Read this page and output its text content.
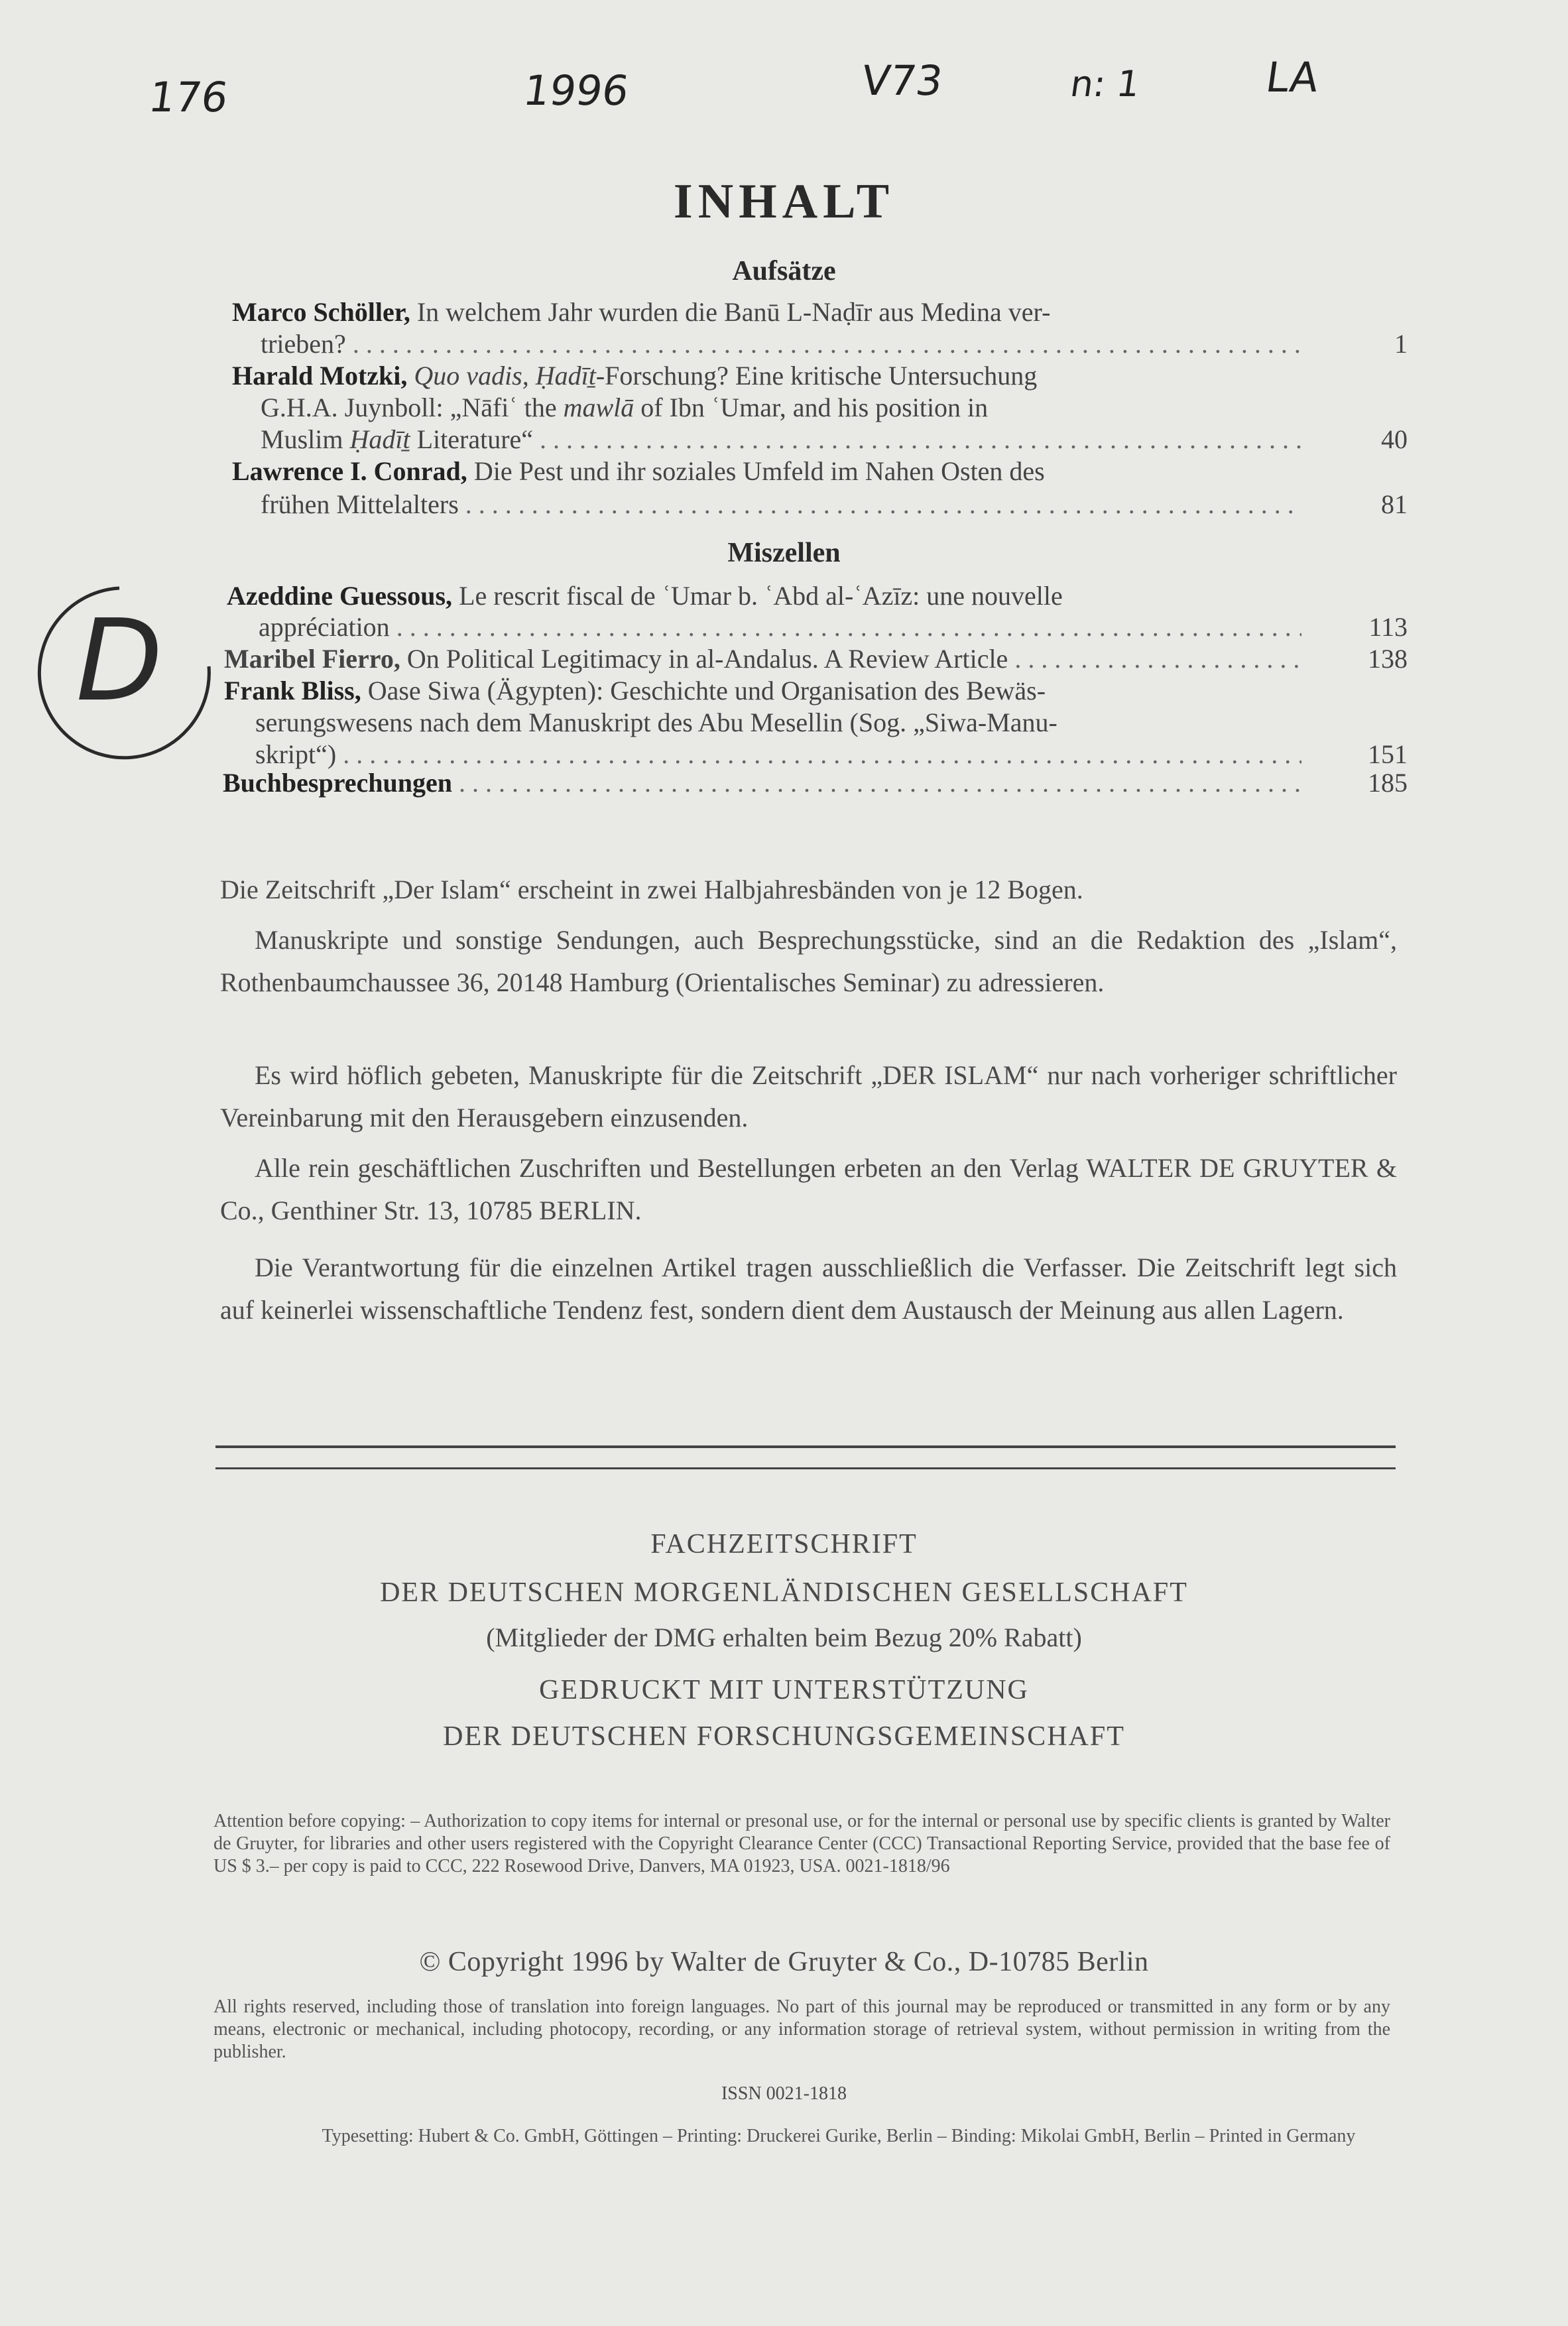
176	1996	V73	n: 1	LA
D
INHALT
Aufsätze
Marco Schöller, In welchem Jahr wurden die Banū L-Naḍīr aus Medina ver-
trieben? . . .	1
Harald Motzki, Quo vadis, Ḥadīṯ-Forschung? Eine kritische Untersuchung
G.H.A. Juynboll: „Nāfiʿ the mawlā of Ibn ʿUmar, and his position in
Muslim Ḥadīṯ Literature“ . . .	40
Lawrence I. Conrad, Die Pest und ihr soziales Umfeld im Nahen Osten des
frühen Mittelalters . . .	81
Miszellen
Azeddine Guessous, Le rescrit fiscal de ʿUmar b. ʿAbd al-ʿAzīz: une nouvelle
appréciation . . .	113
Maribel Fierro, On Political Legitimacy in al-Andalus. A Review Article . . .	138
Frank Bliss, Oase Siwa (Ägypten): Geschichte und Organisation des Bewäs-
serungswesens nach dem Manuskript des Abu Mesellin (Sog. „Siwa-Manu-
skript“) . . .	151
Buchbesprechungen . . .	185
Die Zeitschrift „Der Islam“ erscheint in zwei Halbjahresbänden von je 12 Bogen.
Manuskripte und sonstige Sendungen, auch Besprechungsstücke, sind an die Redaktion des „Islam“, Rothenbaumchaussee 36, 20148 Hamburg (Orientalisches Seminar) zu adressieren.
Es wird höflich gebeten, Manuskripte für die Zeitschrift „DER ISLAM“ nur nach vorheriger schriftlicher Vereinbarung mit den Herausgebern einzusenden.
Alle rein geschäftlichen Zuschriften und Bestellungen erbeten an den Verlag WALTER DE GRUYTER & Co., Genthiner Str. 13, 10785 BERLIN.
Die Verantwortung für die einzelnen Artikel tragen ausschließlich die Verfasser. Die Zeitschrift legt sich auf keinerlei wissenschaftliche Tendenz fest, sondern dient dem Austausch der Meinung aus allen Lagern.
FACHZEITSCHRIFT
DER DEUTSCHEN MORGENLÄNDISCHEN GESELLSCHAFT
(Mitglieder der DMG erhalten beim Bezug 20% Rabatt)
GEDRUCKT MIT UNTERSTÜTZUNG
DER DEUTSCHEN FORSCHUNGSGEMEINSCHAFT
Attention before copying: – Authorization to copy items for internal or presonal use, or for the internal or personal use by specific clients is granted by Walter de Gruyter, for libraries and other users registered with the Copyright Clearance Center (CCC) Transactional Reporting Service, provided that the base fee of US $ 3.– per copy is paid to CCC, 222 Rosewood Drive, Danvers, MA 01923, USA. 0021-1818/96
© Copyright 1996 by Walter de Gruyter & Co., D-10785 Berlin
All rights reserved, including those of translation into foreign languages. No part of this journal may be reproduced or transmitted in any form or by any means, electronic or mechanical, including photocopy, recording, or any information storage of retrieval system, without permission in writing from the publisher.
ISSN 0021-1818
Typesetting: Hubert & Co. GmbH, Göttingen – Printing: Druckerei Gurike, Berlin – Binding: Mikolai GmbH, Berlin – Printed in Germany
